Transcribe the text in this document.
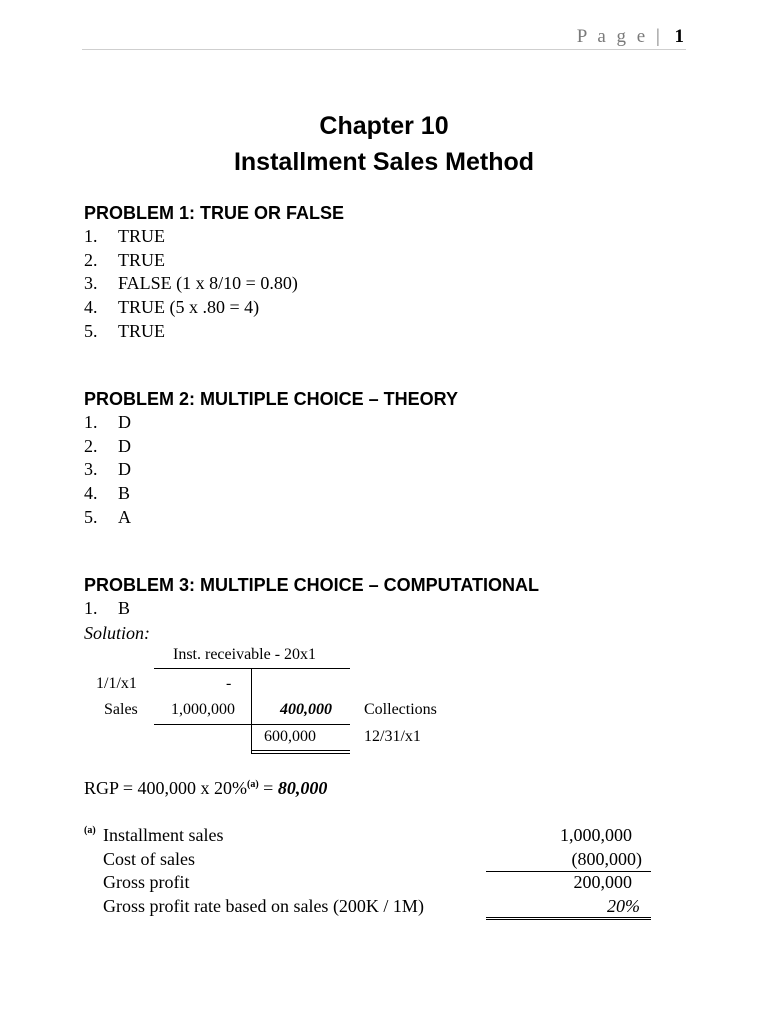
P a g e | 1
Chapter 10
Installment Sales Method

PROBLEM 1: TRUE OR FALSE

1.	TRUE
2.	TRUE
3.	FALSE (1 x 8/10 = 0.80)
4.	TRUE (5 x .80 = 4)
5.	TRUE

PROBLEM 2: MULTIPLE CHOICE – THEORY

1.	D
2.	D
3.	D
4.	B
5.	A

PROBLEM 3: MULTIPLE CHOICE – COMPUTATIONAL

1.	B
Solution:
Inst. receivable - 20x1
1/1/x1	-
Sales 1,000,000	400,000 Collections
600,000	12/31/x1
RGP = 400,000 x 20%$^{(a)}$ = 80,000
(a) Installment sales	1,000,000
Cost of sales	(800,000)
Gross profit	200,000
Gross profit rate based on sales (200K / 1M)	20%
